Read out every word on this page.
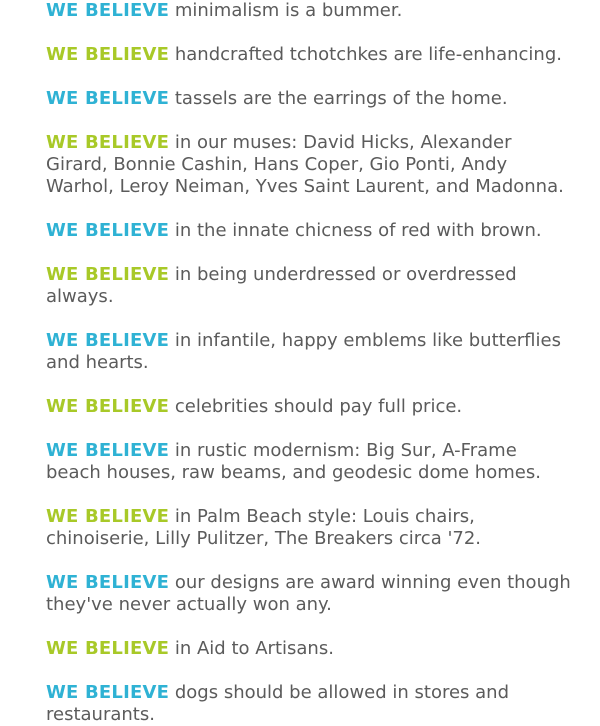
WE BELIEVE minimalism is a bummer.
WE BELIEVE handcrafted tchotchkes are life-enhancing.
WE BELIEVE tassels are the earrings of the home.
WE BELIEVE in our muses: David Hicks, Alexander Girard, Bonnie Cashin, Hans Coper, Gio Ponti, Andy Warhol, Leroy Neiman, Yves Saint Laurent, and Madonna.
WE BELIEVE in the innate chicness of red with brown.
WE BELIEVE in being underdressed or overdressed always.
WE BELIEVE in infantile, happy emblems like butterflies and hearts.
WE BELIEVE celebrities should pay full price.
WE BELIEVE in rustic modernism: Big Sur, A-Frame beach houses, raw beams, and geodesic dome homes.
WE BELIEVE in Palm Beach style: Louis chairs, chinoiserie, Lilly Pulitzer, The Breakers circa '72.
WE BELIEVE our designs are award winning even though they've never actually won any.
WE BELIEVE in Aid to Artisans.
WE BELIEVE dogs should be allowed in stores and restaurants.
